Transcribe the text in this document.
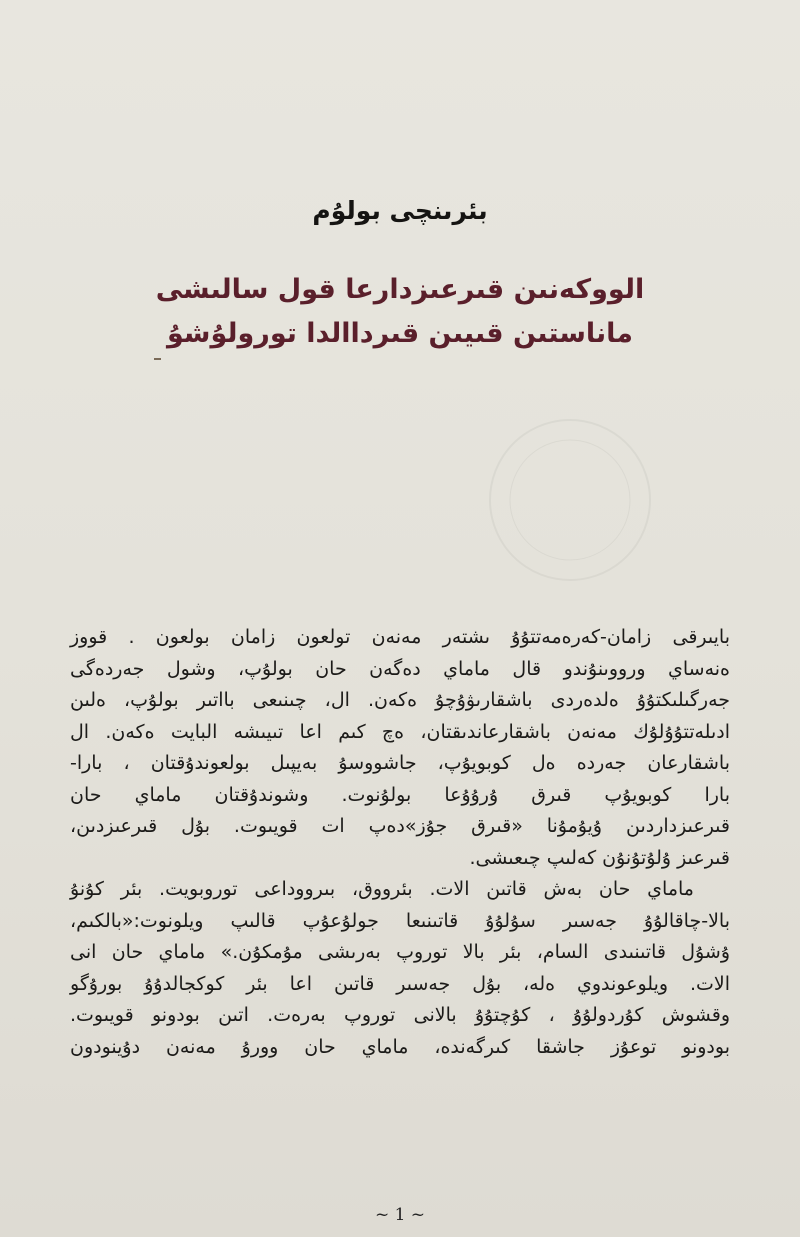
بئرىنچى بولۇم
الووكەنىن قىرعىزدارعا قول سالىشى
ماناستىن قىيىن قىرداالدا تورولۇشۇ
بايىرقى زامان-كەرەمەتتۇۇ ىشتەر مەنەن تولعون زامان بولعون . قووز
ەنەساي ورووىنۇندو قال ماماي دەگەن حان بولۇپ، وشول جەردەگى
جەرگىلىكتۇۇ ەلدەردى باشقارىۋۇچۇ ەكەن. ال، چىنىعى بااتىر بولۇپ، ەلىن
ادىلەتتۇۇلۇك مەنەن باشقارعاندىقتان، ەچ كىم اعا تىيىشە البايت ەكەن. ال
باشقارعان جەردە ەل كوبويۇپ، جاشووسۇ بەيپىل بولعوندۇقتان ، بارا-
بارا كوبويۇپ قىرق ۇرۇۇعا بولۇنوت. وشوندۇقتان ماماي حان
قىرعىزداردىن ۇيۇمۇنا «قىرق جۇز»دەپ ات قويىوت. بۇل قىرعىزدىن،
قىرعىز ۇلۇتۇنۇن كەلىپ چىعىشى.
ماماي حان بەش قاتىن الات. بئرووق، بىرووداعى توروبويت. بئر كۇنۇ
بالا-چاقالۇۇ جەسىر سۇلۇۇ قاتىنىعا جولۇعۇپ قالىپ ويلونوت:«بالكىم،
ۇشۇل قاتىنىدى السام، بئر بالا توروپ بەرىشى مۇمكۇن.» ماماي حان انى
الات. ويلوعوندوي ەلە، بۇل جەسىر قاتىن اعا بئر كوكجالدۇۇ بورۇگو
وقشوش كۇردولۇۇ ، كۇچتۇۇ بالانى توروپ بەرەت. اتىن بودونو قويىوت.
بودونو توعۇز جاشقا كىرگەندە، ماماي حان وورۇ مەنەن دۇينودون
~ 1 ~
